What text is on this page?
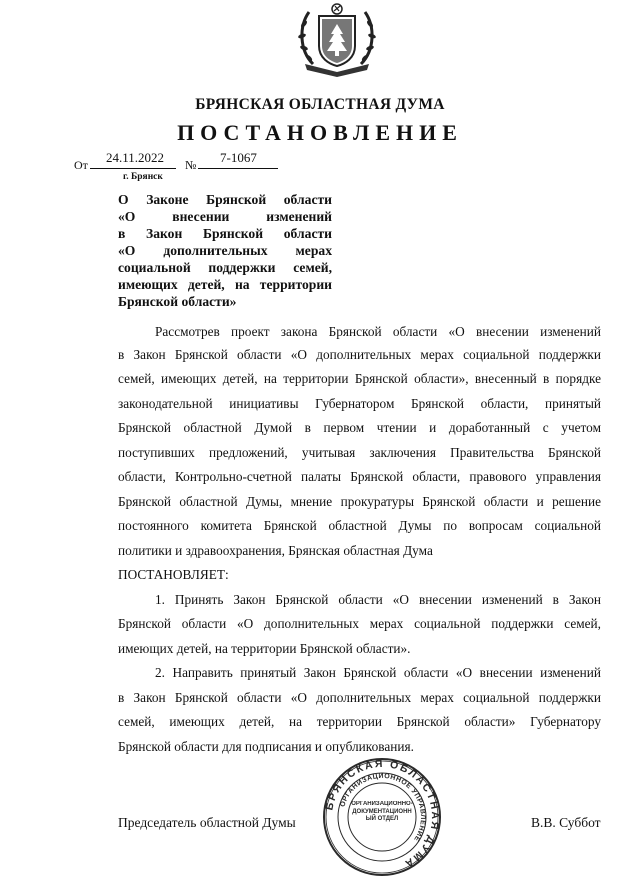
БРЯНСКАЯ ОБЛАСТНАЯ ДУМА
ПОСТАНОВЛЕНИЕ
От 24.11.2022 № 7-1067
г. Брянск
О Законе Брянской области
«О внесении изменений
в Закон Брянской области
«О дополнительных мерах
социальной поддержки семей,
имеющих детей, на территории
Брянской области»
Рассмотрев проект закона Брянской области «О внесении изменений
в Закон Брянской области «О дополнительных мерах социальной поддержки
семей, имеющих детей, на территории Брянской области», внесенный в порядке
законодательной инициативы Губернатором Брянской области, принятый
Брянской областной Думой в первом чтении и доработанный с учетом
поступивших предложений, учитывая заключения Правительства Брянской
области, Контрольно-счетной палаты Брянской области, правового управления
Брянской областной Думы, мнение прокуратуры Брянской области и решение
постоянного комитета Брянской областной Думы по вопросам социальной
политики и здравоохранения, Брянская областная Дума
ПОСТАНОВЛЯЕТ:
1. Принять Закон Брянской области «О внесении изменений в Закон
Брянской области «О дополнительных мерах социальной поддержки семей,
имеющих детей, на территории Брянской области».
2. Направить принятый Закон Брянской области «О внесении изменений
в Закон Брянской области «О дополнительных мерах социальной поддержки
семей, имеющих детей, на территории Брянской области» Губернатору
Брянской области для подписания и опубликования.
Председатель областной Думы	В.В. Суббот
БРЯНСКАЯ ОБЛАСТНАЯ ДУМА
ОРГАНИЗАЦИОННОЕ УПРАВЛЕНИЕ
ОРГАНИЗАЦИОННО-ДОКУМЕНТАЦИОННЫЙ ОТДЕЛ
